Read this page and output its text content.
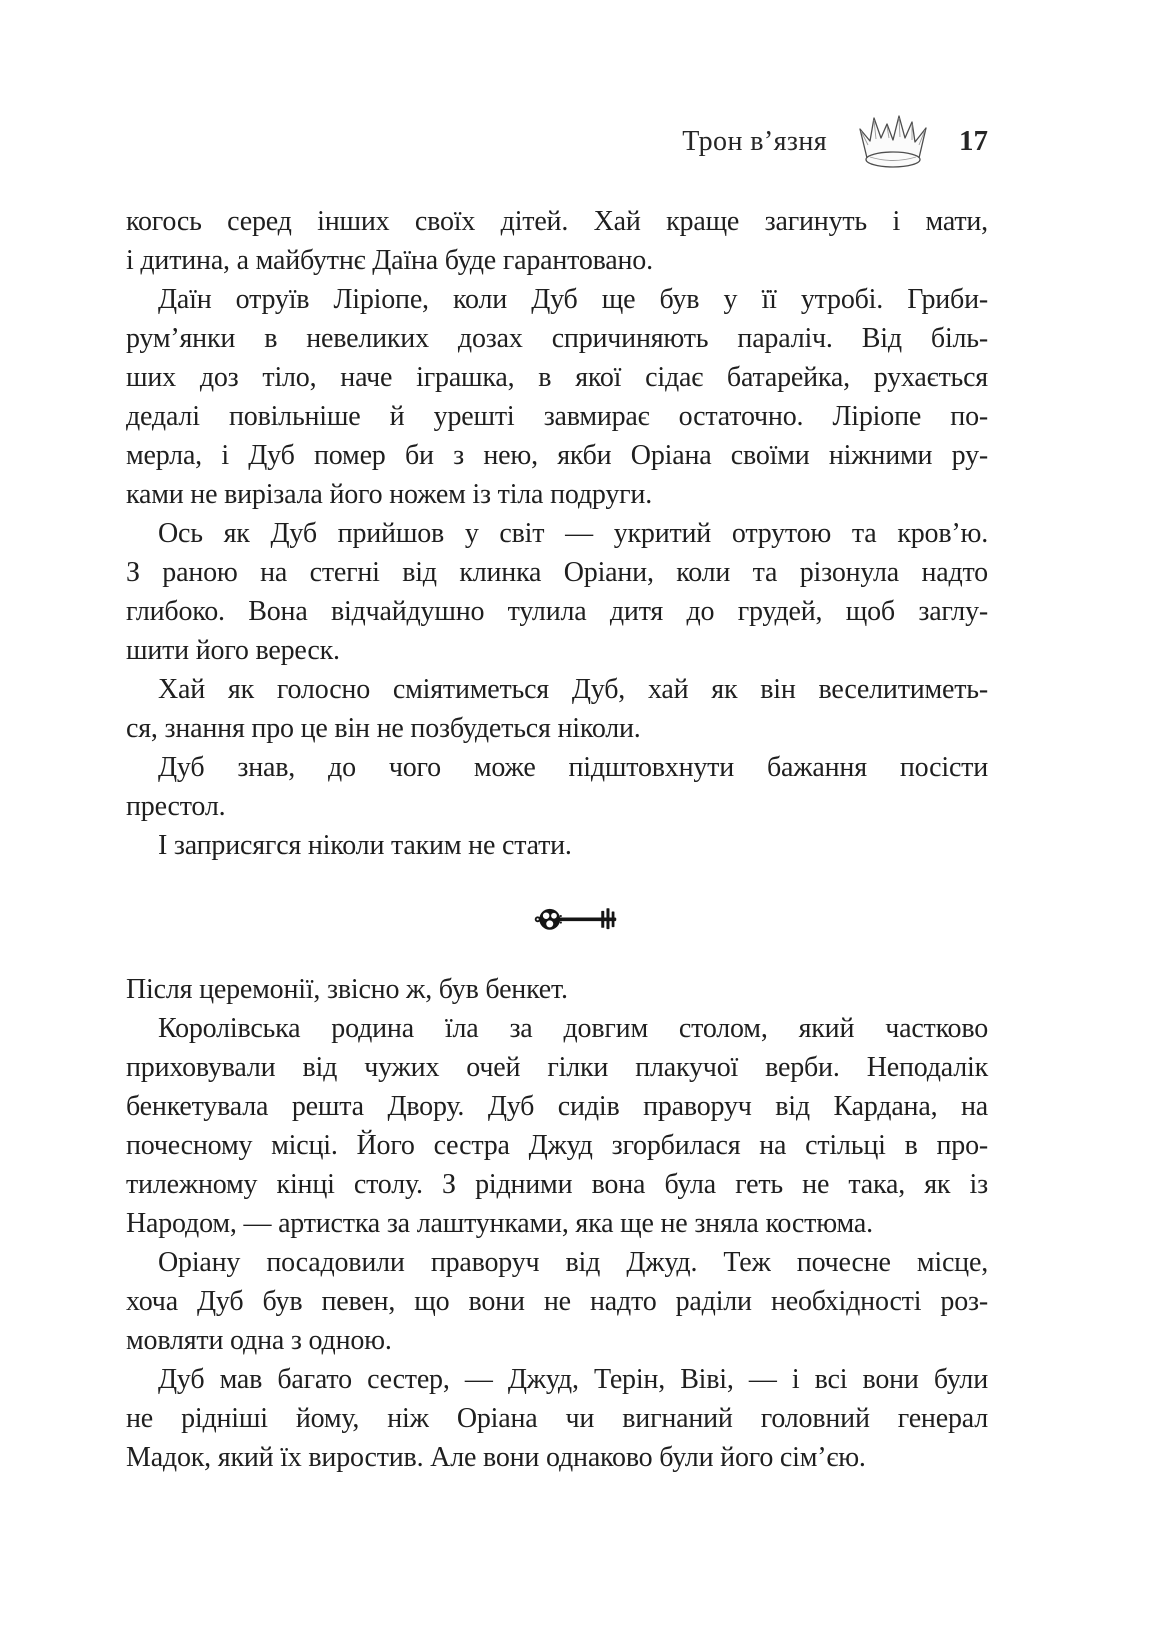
Трон в’язня	17
когось серед інших своїх дітей. Хай краще загинуть і мати,
і дитина, а майбутнє Даїна буде гарантовано.
Даїн отруїв Ліріопе, коли Дуб ще був у її утробі. Гриби-
рум’янки в невеликих дозах спричиняють параліч. Від біль-
ших доз тіло, наче іграшка, в якої сідає батарейка, рухається
дедалі повільніше й урешті завмирає остаточно. Ліріопе по-
мерла, і Дуб помер би з нею, якби Оріана своїми ніжними ру-
ками не вирізала його ножем із тіла подруги.
Ось як Дуб прийшов у світ — укритий отрутою та кров’ю.
З раною на стегні від клинка Оріани, коли та різонула надто
глибоко. Вона відчайдушно тулила дитя до грудей, щоб заглу-
шити його вереск.
Хай як голосно сміятиметься Дуб, хай як він веселитиметь-
ся, знання про це він не позбудеться ніколи.
Дуб знав, до чого може підштовхнути бажання посісти
престол.
І заприсягся ніколи таким не стати.
Після церемонії, звісно ж, був бенкет.
Королівська родина їла за довгим столом, який частково
приховували від чужих очей гілки плакучої верби. Неподалік
бенкетувала решта Двору. Дуб сидів праворуч від Кардана, на
почесному місці. Його сестра Джуд згорбилася на стільці в про-
тилежному кінці столу. З рідними вона була геть не така, як із
Народом, — артистка за лаштунками, яка ще не зняла костюма.
Оріану посадовили праворуч від Джуд. Теж почесне місце,
хоча Дуб був певен, що вони не надто раділи необхідності роз-
мовляти одна з одною.
Дуб мав багато сестер, — Джуд, Терін, Віві, — і всі вони були
не рідніші йому, ніж Оріана чи вигнаний головний генерал
Мадок, який їх виростив. Але вони однаково були його сім’єю.
